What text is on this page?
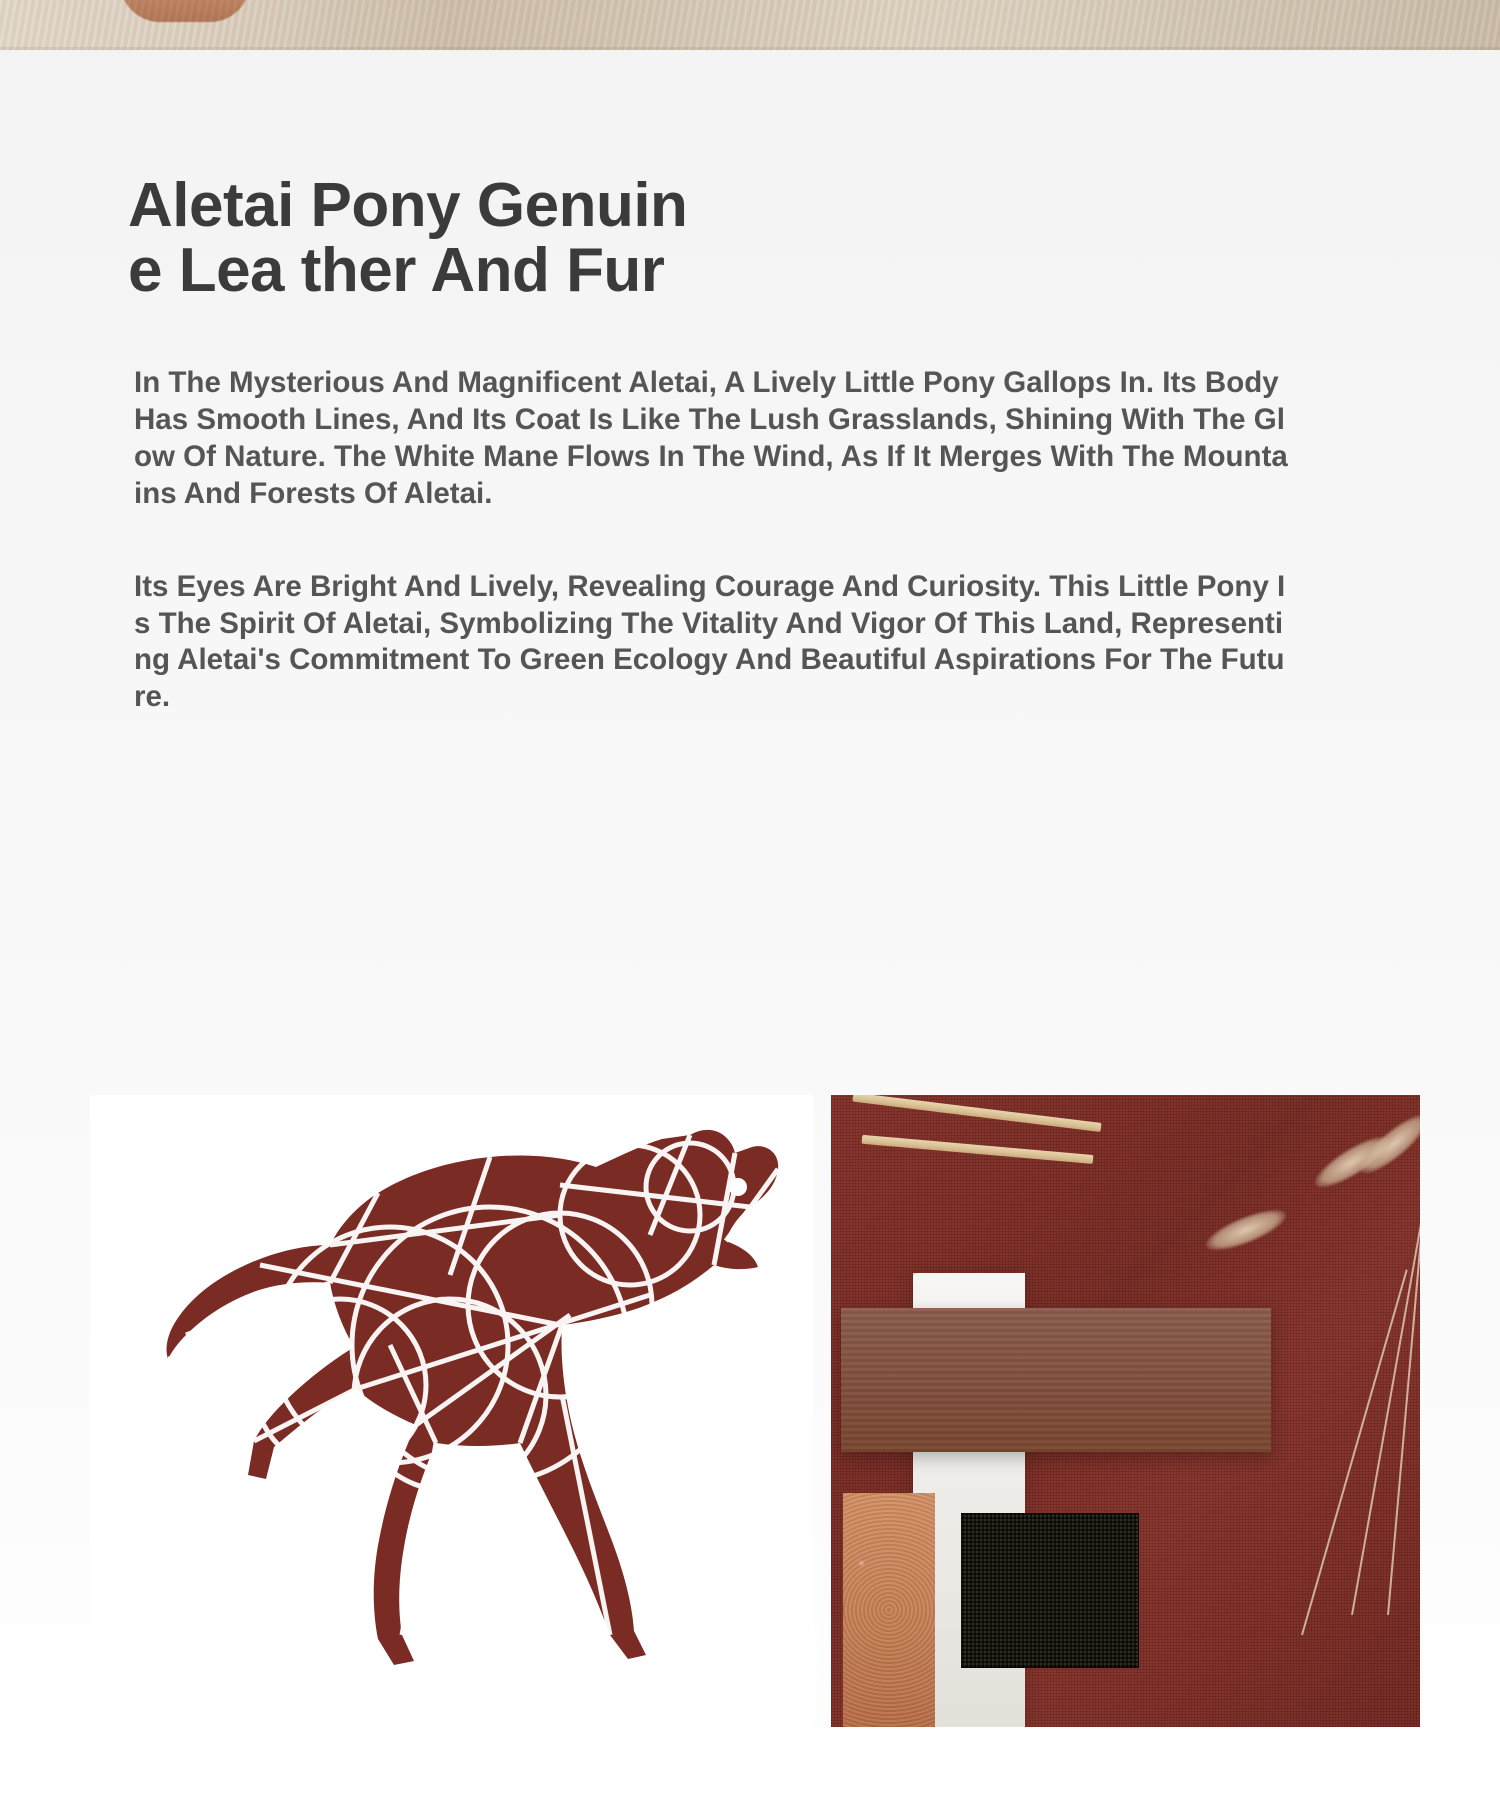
Aletai Pony Genuine Lea ther And Fur

In The Mysterious And Magnificent Aletai, A Lively Little Pony Gallops In. Its Body Has Smooth Lines, And Its Coat Is Like The Lush Grasslands, Shining With The Glow Of Nature. The White Mane Flows In The Wind, As If It Merges With The Mountains And Forests Of Aletai.

Its Eyes Are Bright And Lively, Revealing Courage And Curiosity. This Little Pony Is The Spirit Of Aletai, Symbolizing The Vitality And Vigor Of This Land, Representing Aletai's Commitment To Green Ecology And Beautiful Aspirations For The Future.
